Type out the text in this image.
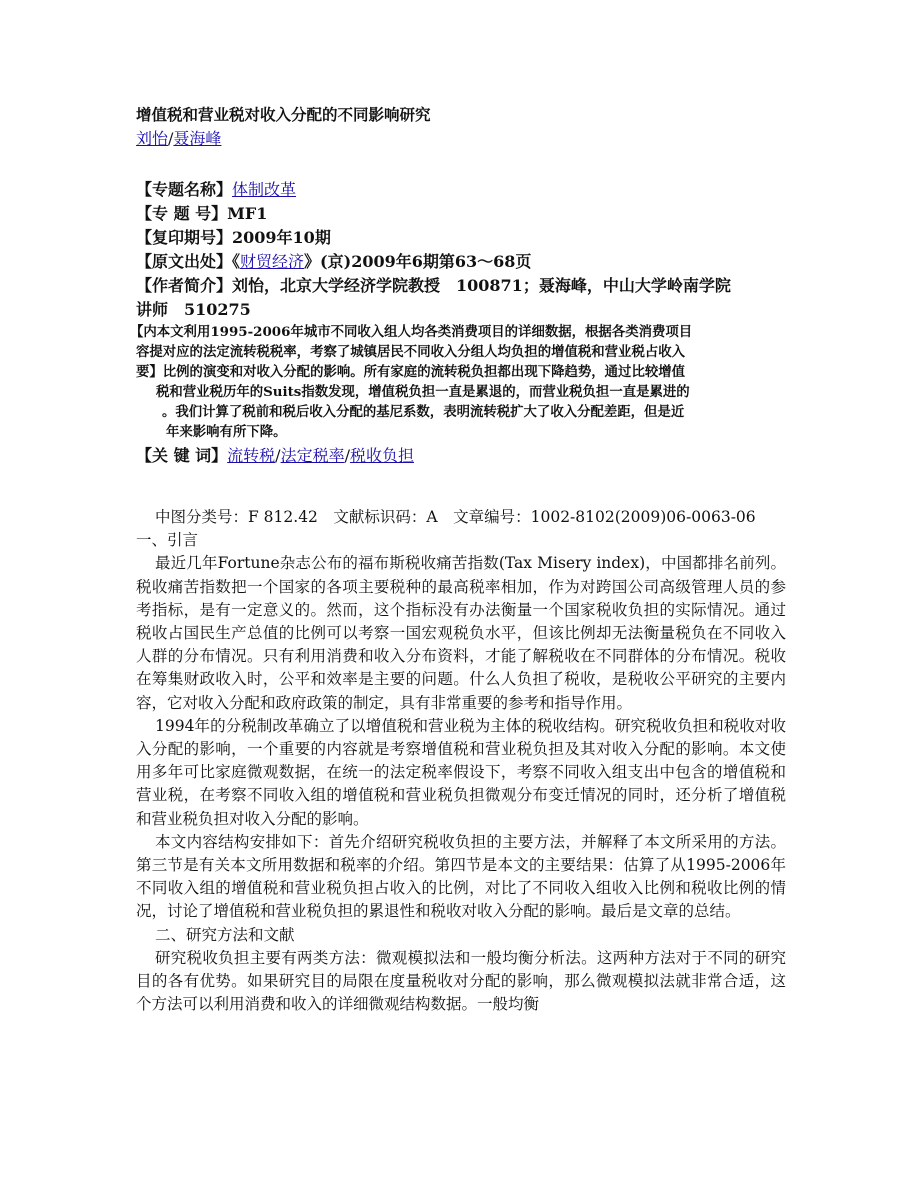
增值税和营业税对收入分配的不同影响研究
刘怡/聂海峰
【专题名称】体制改革
【专 题 号】MF1
【复印期号】2009年10期
【原文出处】《财贸经济》(京)2009年6期第63～68页
【作者简介】刘怡，北京大学经济学院教授　100871；聂海峰，中山大学岭南学院
讲师　510275
【内本文利用1995-2006年城市不同收入组人均各类消费项目的详细数据，根据各类消费项目
容提对应的法定流转税税率，考察了城镇居民不同收入分组人均负担的增值税和营业税占收入
要】比例的演变和对收入分配的影响。所有家庭的流转税负担都出现下降趋势，通过比较增值
税和营业税历年的Suits指数发现，增值税负担一直是累退的，而营业税负担一直是累进的
。我们计算了税前和税后收入分配的基尼系数，表明流转税扩大了收入分配差距，但是近
年来影响有所下降。
【关 键 词】流转税/法定税率/税收负担

中图分类号：F 812.42　文献标识码：A　文章编号：1002-8102(2009)06-0063-06

一、引言

最近几年Fortune杂志公布的福布斯税收痛苦指数(Tax Misery index)，中国都排名前列。税收痛苦指数把一个国家的各项主要税种的最高税率相加，作为对跨国公司高级管理人员的参考指标，是有一定意义的。然而，这个指标没有办法衡量一个国家税收负担的实际情况。通过税收占国民生产总值的比例可以考察一国宏观税负水平，但该比例却无法衡量税负在不同收入人群的分布情况。只有利用消费和收入分布资料，才能了解税收在不同群体的分布情况。税收在筹集财政收入时，公平和效率是主要的问题。什么人负担了税收，是税收公平研究的主要内容，它对收入分配和政府政策的制定，具有非常重要的参考和指导作用。

1994年的分税制改革确立了以增值税和营业税为主体的税收结构。研究税收负担和税收对收入分配的影响，一个重要的内容就是考察增值税和营业税负担及其对收入分配的影响。本文使用多年可比家庭微观数据，在统一的法定税率假设下，考察不同收入组支出中包含的增值税和营业税，在考察不同收入组的增值税和营业税负担微观分布变迁情况的同时，还分析了增值税和营业税负担对收入分配的影响。

本文内容结构安排如下：首先介绍研究税收负担的主要方法，并解释了本文所采用的方法。第三节是有关本文所用数据和税率的介绍。第四节是本文的主要结果：估算了从1995-2006年不同收入组的增值税和营业税负担占收入的比例，对比了不同收入组收入比例和税收比例的情况，讨论了增值税和营业税负担的累退性和税收对收入分配的影响。最后是文章的总结。

二、研究方法和文献

研究税收负担主要有两类方法：微观模拟法和一般均衡分析法。这两种方法对于不同的研究目的各有优势。如果研究目的局限在度量税收对分配的影响，那么微观模拟法就非常合适，这个方法可以利用消费和收入的详细微观结构数据。一般均衡
